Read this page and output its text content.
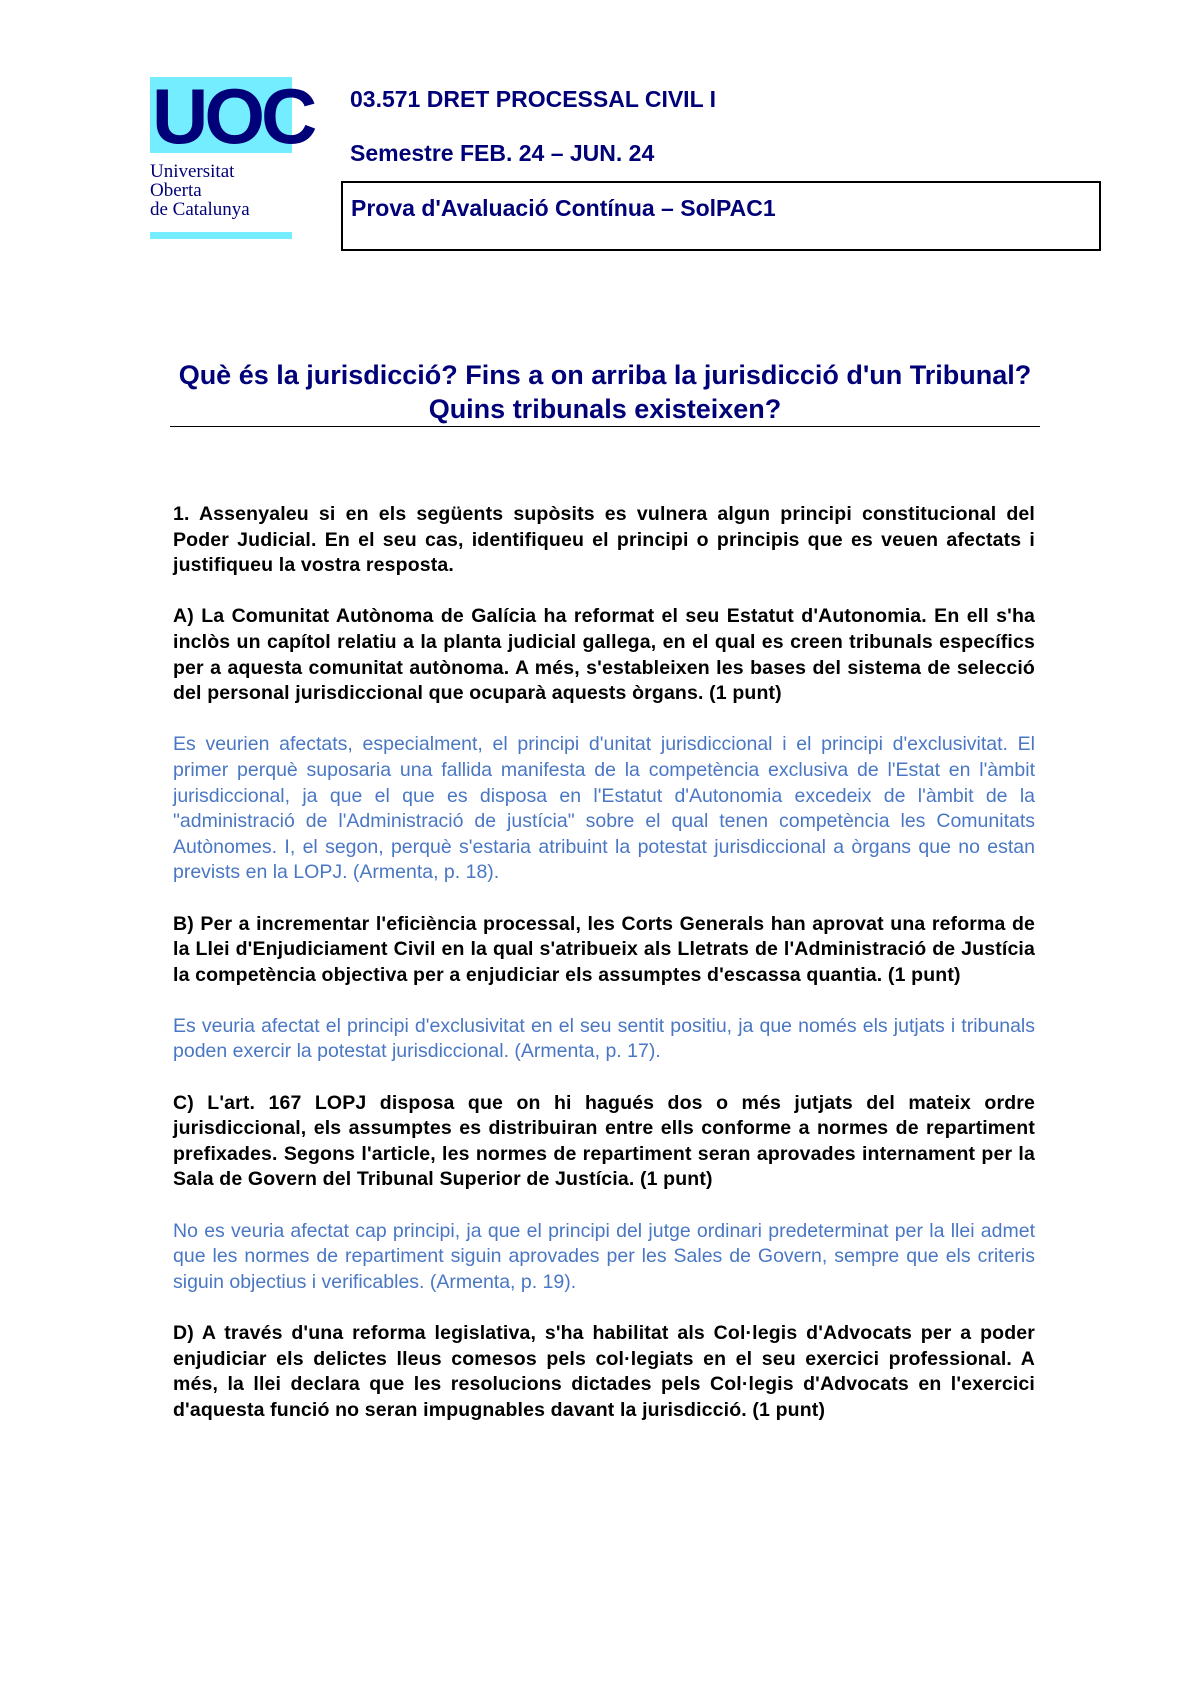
UOC
Universitat
Oberta
de Catalunya
03.571 DRET PROCESSAL CIVIL I
Semestre FEB. 24 – JUN. 24
Prova d'Avaluació Contínua – SolPAC1
Què és la jurisdicció? Fins a on arriba la jurisdicció d'un Tribunal? Quins tribunals existeixen?

1. Assenyaleu si en els següents supòsits es vulnera algun principi constitucional del Poder Judicial. En el seu cas, identifiqueu el principi o principis que es veuen afectats i justifiqueu la vostra resposta.

A) La Comunitat Autònoma de Galícia ha reformat el seu Estatut d'Autonomia. En ell s'ha inclòs un capítol relatiu a la planta judicial gallega, en el qual es creen tribunals específics per a aquesta comunitat autònoma. A més, s'estableixen les bases del sistema de selecció del personal jurisdiccional que ocuparà aquests òrgans. (1 punt)

Es veurien afectats, especialment, el principi d'unitat jurisdiccional i el principi d'exclusivitat. El primer perquè suposaria una fallida manifesta de la competència exclusiva de l'Estat en l'àmbit jurisdiccional, ja que el que es disposa en l'Estatut d'Autonomia excedeix de l'àmbit de la "administració de l'Administració de justícia" sobre el qual tenen competència les Comunitats Autònomes. I, el segon, perquè s'estaria atribuint la potestat jurisdiccional a òrgans que no estan prevists en la LOPJ. (Armenta, p. 18).

B) Per a incrementar l'eficiència processal, les Corts Generals han aprovat una reforma de la Llei d'Enjudiciament Civil en la qual s'atribueix als Lletrats de l'Administració de Justícia la competència objectiva per a enjudiciar els assumptes d'escassa quantia. (1 punt)

Es veuria afectat el principi d'exclusivitat en el seu sentit positiu, ja que només els jutjats i tribunals poden exercir la potestat jurisdiccional. (Armenta, p. 17).

C) L'art. 167 LOPJ disposa que on hi hagués dos o més jutjats del mateix ordre jurisdiccional, els assumptes es distribuiran entre ells conforme a normes de repartiment prefixades. Segons l'article, les normes de repartiment seran aprovades internament per la Sala de Govern del Tribunal Superior de Justícia. (1 punt)

No es veuria afectat cap principi, ja que el principi del jutge ordinari predeterminat per la llei admet que les normes de repartiment siguin aprovades per les Sales de Govern, sempre que els criteris siguin objectius i verificables. (Armenta, p. 19).

D) A través d'una reforma legislativa, s'ha habilitat als Col·legis d'Advocats per a poder enjudiciar els delictes lleus comesos pels col·legiats en el seu exercici professional. A més, la llei declara que les resolucions dictades pels Col·legis d'Advocats en l'exercici d'aquesta funció no seran impugnables davant la jurisdicció. (1 punt)
